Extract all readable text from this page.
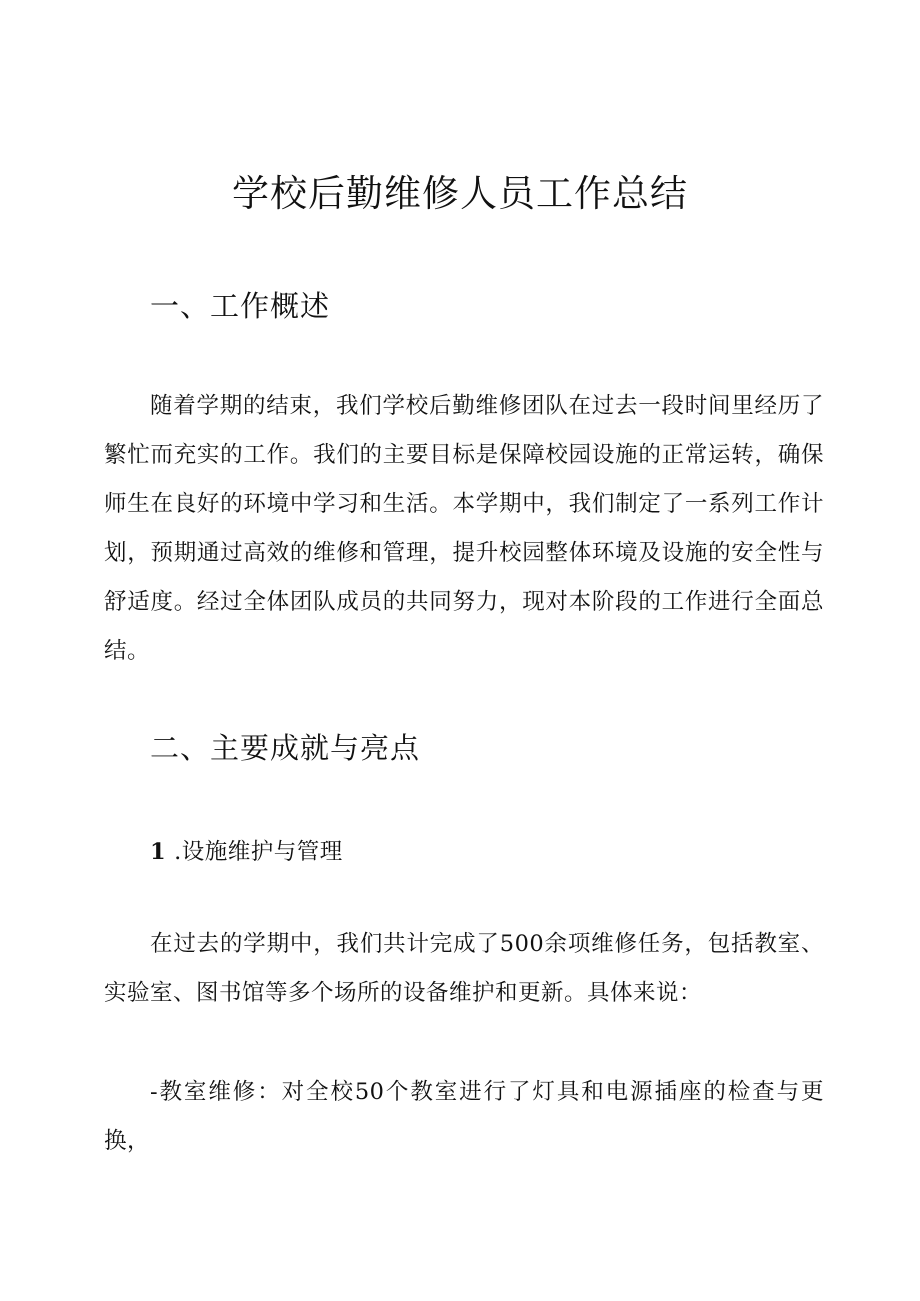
学校后勤维修人员工作总结
一、工作概述

随着学期的结束，我们学校后勤维修团队在过去一段时间里经历了繁忙而充实的工作。我们的主要目标是保障校园设施的正常运转，确保师生在良好的环境中学习和生活。本学期中，我们制定了一系列工作计划，预期通过高效的维修和管理，提升校园整体环境及设施的安全性与舒适度。经过全体团队成员的共同努力，现对本阶段的工作进行全面总结。

二、主要成就与亮点

1 .设施维护与管理

在过去的学期中，我们共计完成了500余项维修任务，包括教室、实验室、图书馆等多个场所的设备维护和更新。具体来说：

-教室维修：对全校50个教室进行了灯具和电源插座的检查与更换，
